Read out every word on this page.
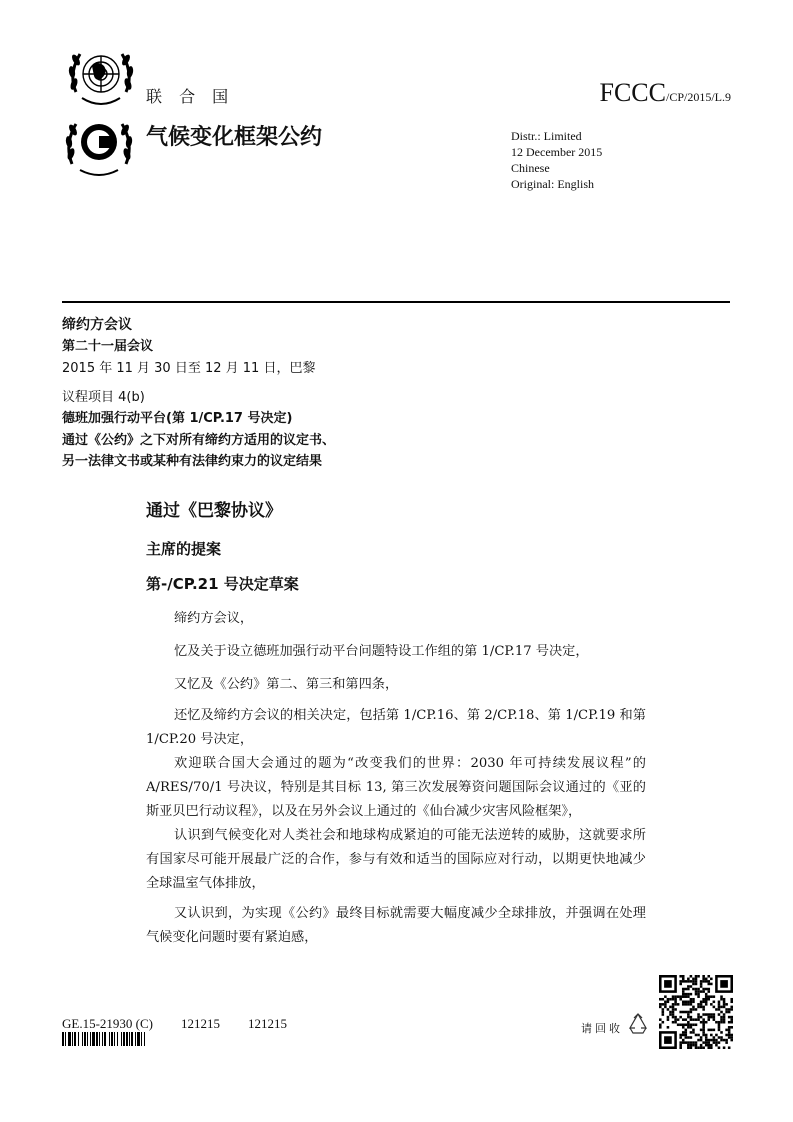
联 合 国	FCCC/CP/2015/L.9
气候变化框架公约	Distr.: Limited
12 December 2015
Chinese
Original: English
缔约方会议
第二十一届会议
2015 年 11 月 30 日至 12 月 11 日，巴黎
议程项目 4(b)
德班加强行动平台(第 1/CP.17 号决定)
通过《公约》之下对所有缔约方适用的议定书、
另一法律文书或某种有法律约束力的议定结果
通过《巴黎协议》
主席的提案
第-/CP.21 号决定草案
缔约方会议，
忆及关于设立德班加强行动平台问题特设工作组的第 1/CP.17 号决定，
又忆及《公约》第二、第三和第四条，
还忆及缔约方会议的相关决定，包括第 1/CP.16、第 2/CP.18、第 1/CP.19 和第 1/CP.20 号决定，
欢迎联合国大会通过的题为“改变我们的世界：2030 年可持续发展议程”的 A/RES/70/1 号决议，特别是其目标 13, 第三次发展筹资问题国际会议通过的《亚的斯亚贝巴行动议程》，以及在另外会议上通过的《仙台减少灾害风险框架》，
认识到气候变化对人类社会和地球构成紧迫的可能无法逆转的威胁，这就要求所有国家尽可能开展最广泛的合作，参与有效和适当的国际应对行动，以期更快地减少全球温室气体排放，
又认识到，为实现《公约》最终目标就需要大幅度减少全球排放，并强调在处理气候变化问题时要有紧迫感，
GE.15-21930 (C) 121215 121215	请回收
